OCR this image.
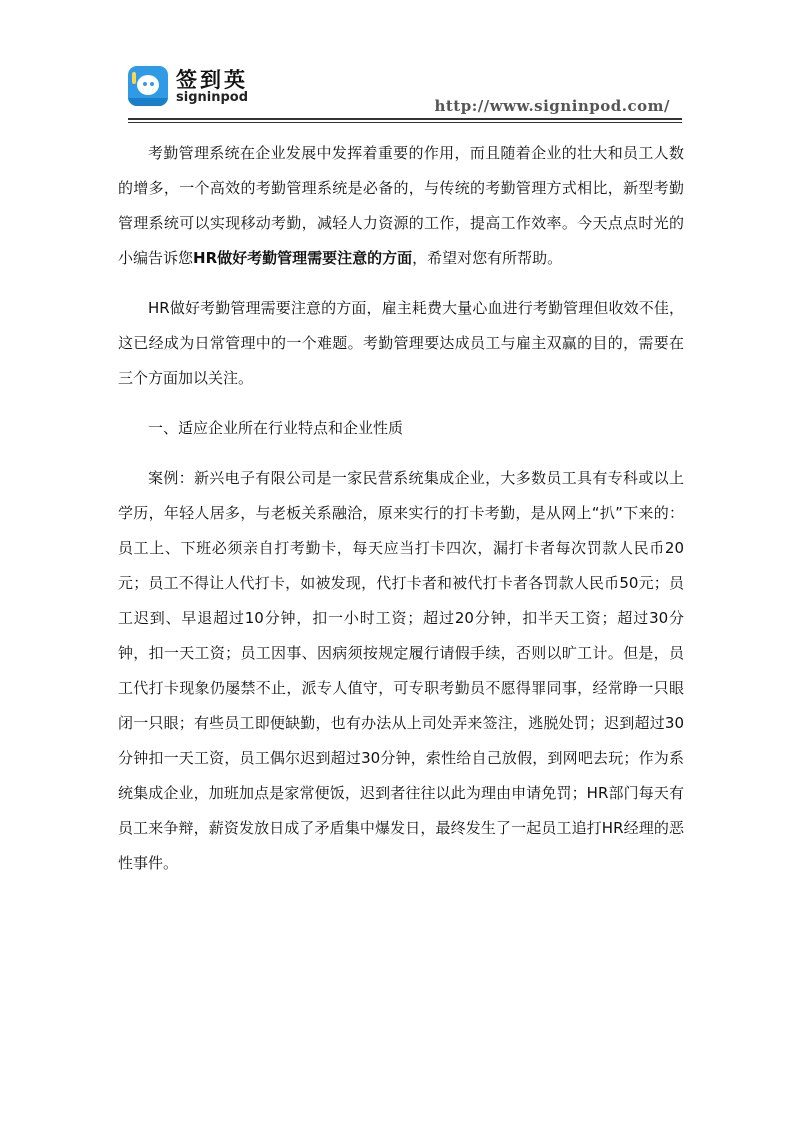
签到英
signinpod	http://www.signinpod.com/

考勤管理系统在企业发展中发挥着重要的作用，而且随着企业的壮大和员工人数的增多，一个高效的考勤管理系统是必备的，与传统的考勤管理方式相比，新型考勤管理系统可以实现移动考勤，减轻人力资源的工作，提高工作效率。今天点点时光的小编告诉您HR做好考勤管理需要注意的方面，希望对您有所帮助。

HR做好考勤管理需要注意的方面，雇主耗费大量心血进行考勤管理但收效不佳，这已经成为日常管理中的一个难题。考勤管理要达成员工与雇主双赢的目的，需要在三个方面加以关注。

一、适应企业所在行业特点和企业性质

案例：新兴电子有限公司是一家民营系统集成企业，大多数员工具有专科或以上学历，年轻人居多，与老板关系融洽，原来实行的打卡考勤，是从网上“扒”下来的：员工上、下班必须亲自打考勤卡，每天应当打卡四次，漏打卡者每次罚款人民币20元；员工不得让人代打卡，如被发现，代打卡者和被代打卡者各罚款人民币50元；员工迟到、早退超过10分钟，扣一小时工资；超过20分钟，扣半天工资；超过30分钟，扣一天工资；员工因事、因病须按规定履行请假手续，否则以旷工计。但是，员工代打卡现象仍屡禁不止，派专人值守，可专职考勤员不愿得罪同事，经常睁一只眼闭一只眼；有些员工即便缺勤，也有办法从上司处弄来签注，逃脱处罚；迟到超过30分钟扣一天工资，员工偶尔迟到超过30分钟，索性给自己放假，到网吧去玩；作为系统集成企业，加班加点是家常便饭，迟到者往往以此为理由申请免罚；HR部门每天有员工来争辩，薪资发放日成了矛盾集中爆发日，最终发生了一起员工追打HR经理的恶性事件。
